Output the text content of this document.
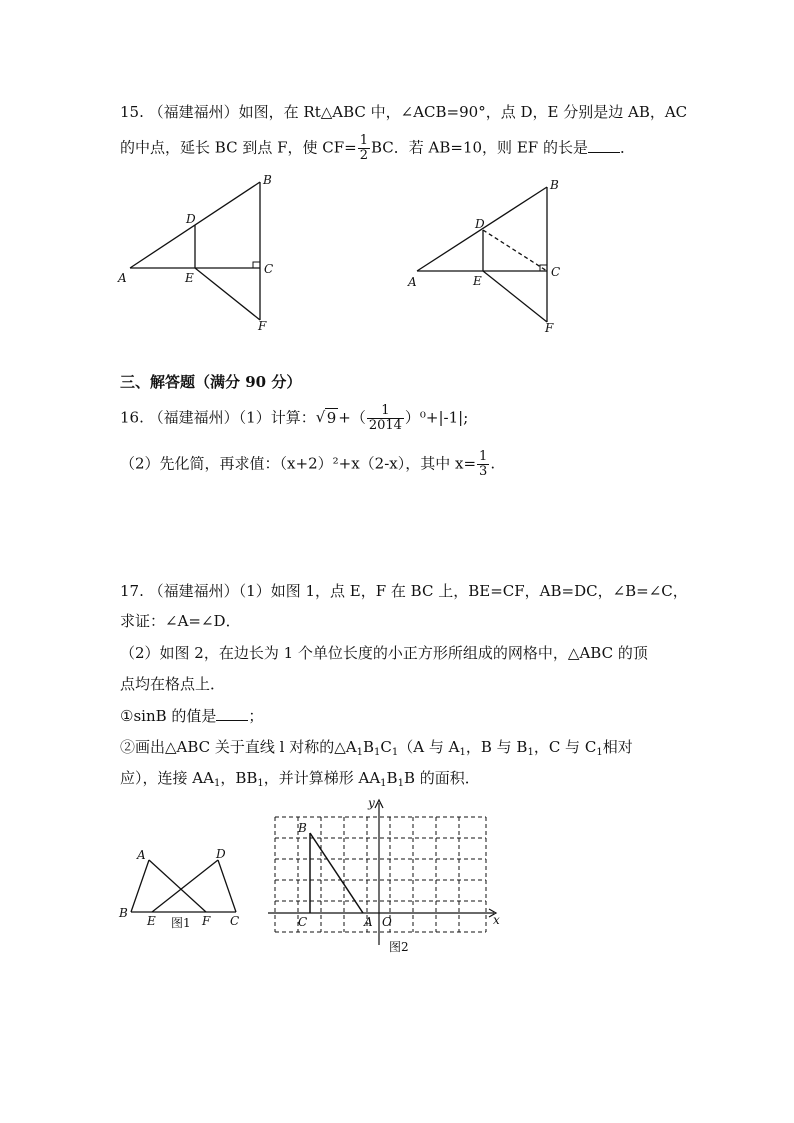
15. （福建福州）如图，在 Rt△ABC 中，∠ACB=90°，点 D，E 分别是边 AB，AC
的中点，延长 BC 到点 F，使 $CF= \frac{1}{2}$ BC．若 AB=10，则 EF 的长是 ．
A
B
C
D
E
F
A
B
C
D
E
F
三、解答题（满分 90 分）
16. （福建福州）（1）计算： √ 9 +（ $\frac{1}{2014} )^0+|-1|$;
（2）先化简，再求值：（x+2）²+x（2-x），其中 $x= \frac{1}{3}$ .
17. （福建福州）（1）如图 1，点 E，F 在 BC 上，BE=CF，AB=DC，∠B=∠C，
求证：∠A=∠D．
（2）如图 2，在边长为 1 个单位长度的小正方形所组成的网格中，△ABC 的顶
点均在格点上．
①sinB 的值是 ；
②画出△ABC 关于直线 l 对称的$\triangle A_1B_1C_1(A$ 与 $A_1$，B 与 $B_1$，C 与 $C_1$相对
应），连接 $AA_1$，$BB_1$，并计算梯形 $AA_1B_1B$ 的面积．
B
A
E	F C
D
图1
B
C	A O	x
y
图2
